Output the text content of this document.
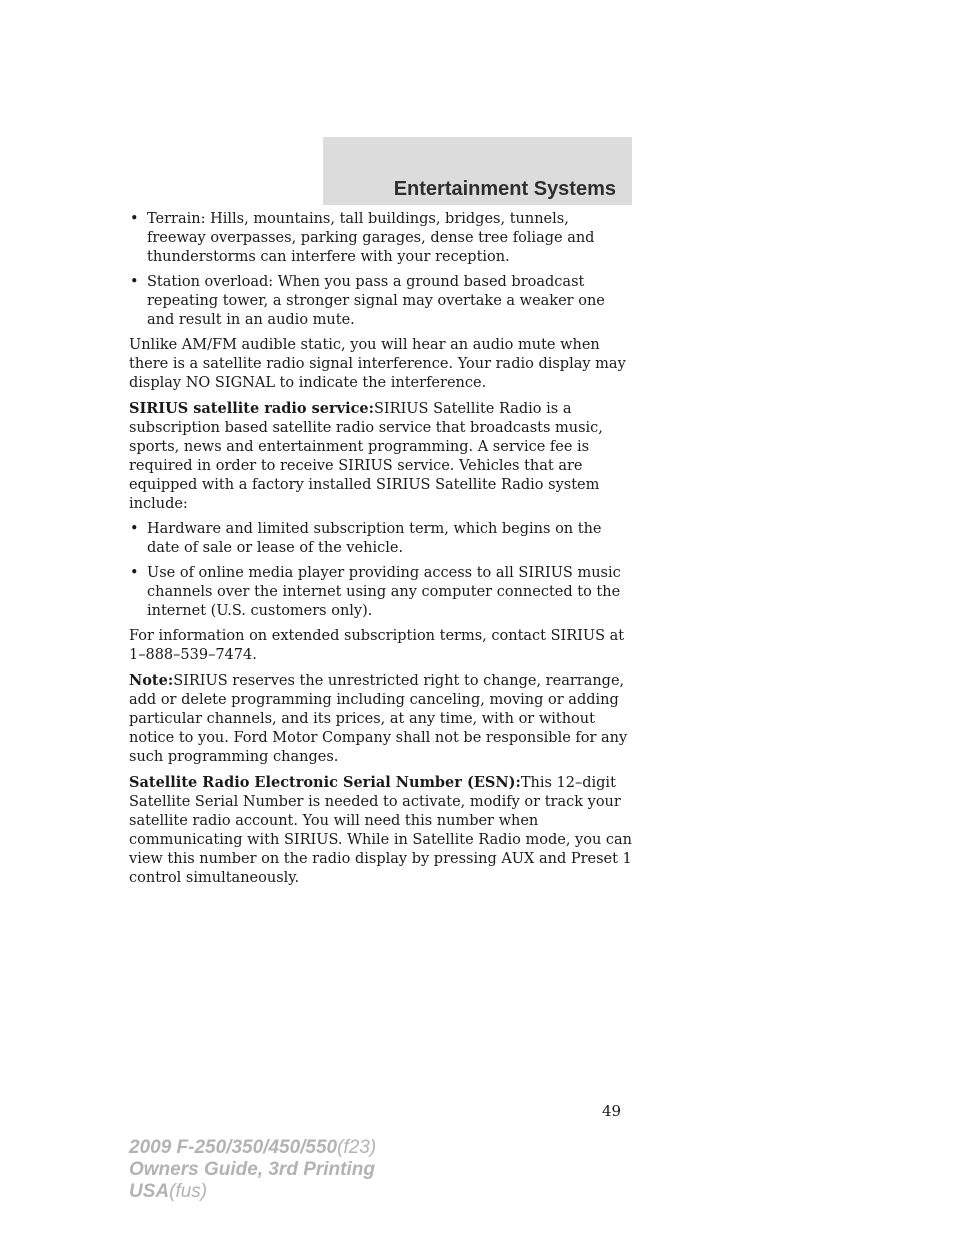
Entertainment Systems
• Terrain: Hills, mountains, tall buildings, bridges, tunnels, freeway overpasses, parking garages, dense tree foliage and thunderstorms can interfere with your reception.
• Station overload: When you pass a ground based broadcast repeating tower, a stronger signal may overtake a weaker one and result in an audio mute.

Unlike AM/FM audible static, you will hear an audio mute when there is a satellite radio signal interference. Your radio display may display NO SIGNAL to indicate the interference.

SIRIUS satellite radio service:SIRIUS Satellite Radio is a subscription based satellite radio service that broadcasts music, sports, news and entertainment programming. A service fee is required in order to receive SIRIUS service. Vehicles that are equipped with a factory installed SIRIUS Satellite Radio system include:

• Hardware and limited subscription term, which begins on the date of sale or lease of the vehicle.
• Use of online media player providing access to all SIRIUS music channels over the internet using any computer connected to the internet (U.S. customers only).

For information on extended subscription terms, contact SIRIUS at 1–888–539–7474.

Note:SIRIUS reserves the unrestricted right to change, rearrange, add or delete programming including canceling, moving or adding particular channels, and its prices, at any time, with or without notice to you. Ford Motor Company shall not be responsible for any such programming changes.

Satellite Radio Electronic Serial Number (ESN):This 12–digit Satellite Serial Number is needed to activate, modify or track your satellite radio account. You will need this number when communicating with SIRIUS. While in Satellite Radio mode, you can view this number on the radio display by pressing AUX and Preset 1 control simultaneously.

49
2009 F-250/350/450/550(f23)
Owners Guide, 3rd Printing
USA(fus)
